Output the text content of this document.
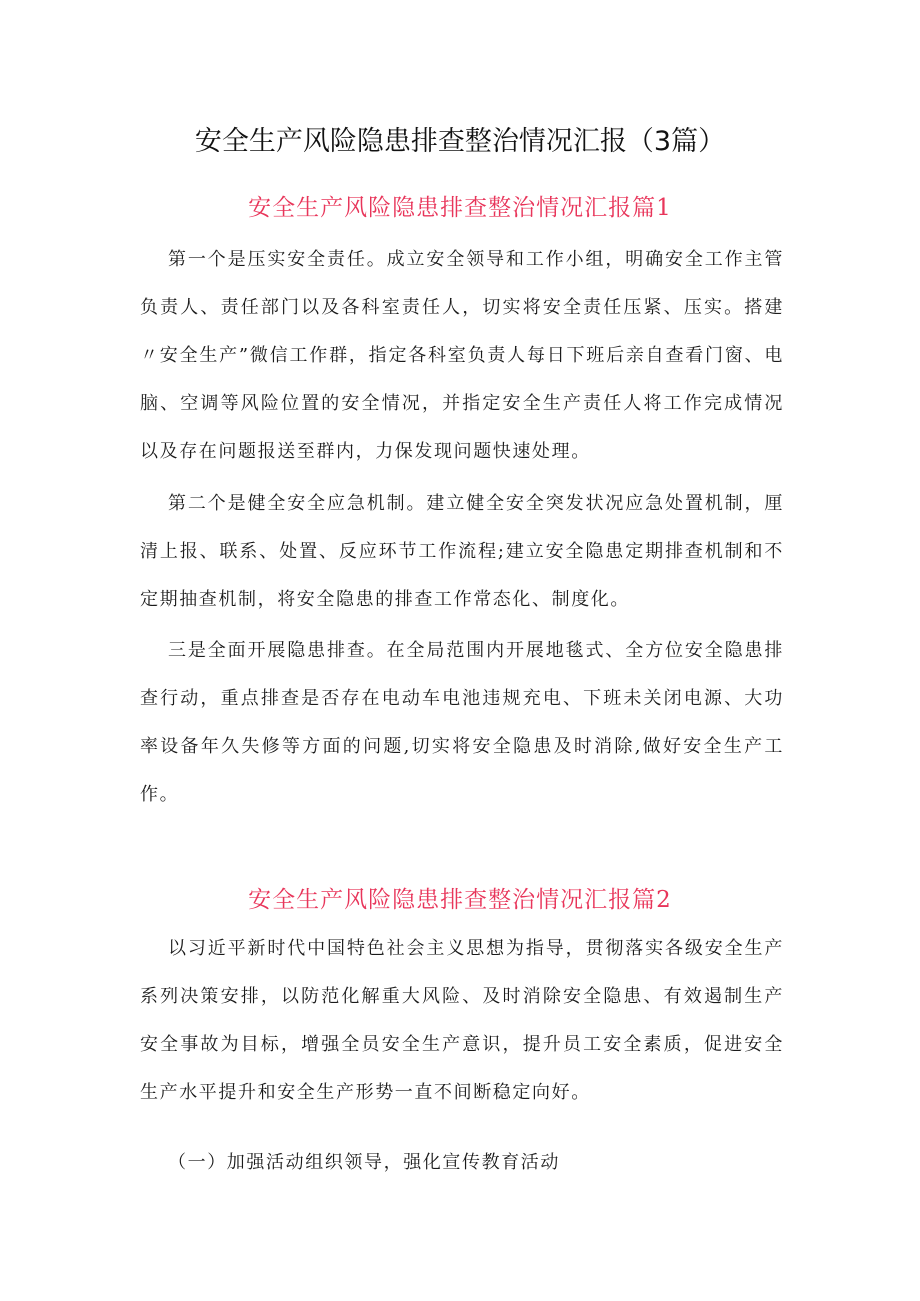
安全生产风险隐患排查整治情况汇报（3篇）
安全生产风险隐患排查整治情况汇报篇1

第一个是压实安全责任。成立安全领导和工作小组，明确安全工作主管负责人、责任部门以及各科室责任人，切实将安全责任压紧、压实。搭建〃安全生产”微信工作群，指定各科室负责人每日下班后亲自查看门窗、电脑、空调等风险位置的安全情况，并指定安全生产责任人将工作完成情况以及存在问题报送至群内，力保发现问题快速处理。

第二个是健全安全应急机制。建立健全安全突发状况应急处置机制，厘清上报、联系、处置、反应环节工作流程;建立安全隐患定期排查机制和不定期抽查机制，将安全隐患的排查工作常态化、制度化。

三是全面开展隐患排查。在全局范围内开展地毯式、全方位安全隐患排查行动，重点排查是否存在电动车电池违规充电、下班未关闭电源、大功率设备年久失修等方面的问题,切实将安全隐患及时消除,做好安全生产工作。

安全生产风险隐患排查整治情况汇报篇2

以习近平新时代中国特色社会主义思想为指导，贯彻落实各级安全生产系列决策安排，以防范化解重大风险、及时消除安全隐患、有效遏制生产安全事故为目标，增强全员安全生产意识，提升员工安全素质，促进安全生产水平提升和安全生产形势一直不间断稳定向好。

（一）加强活动组织领导，强化宣传教育活动
